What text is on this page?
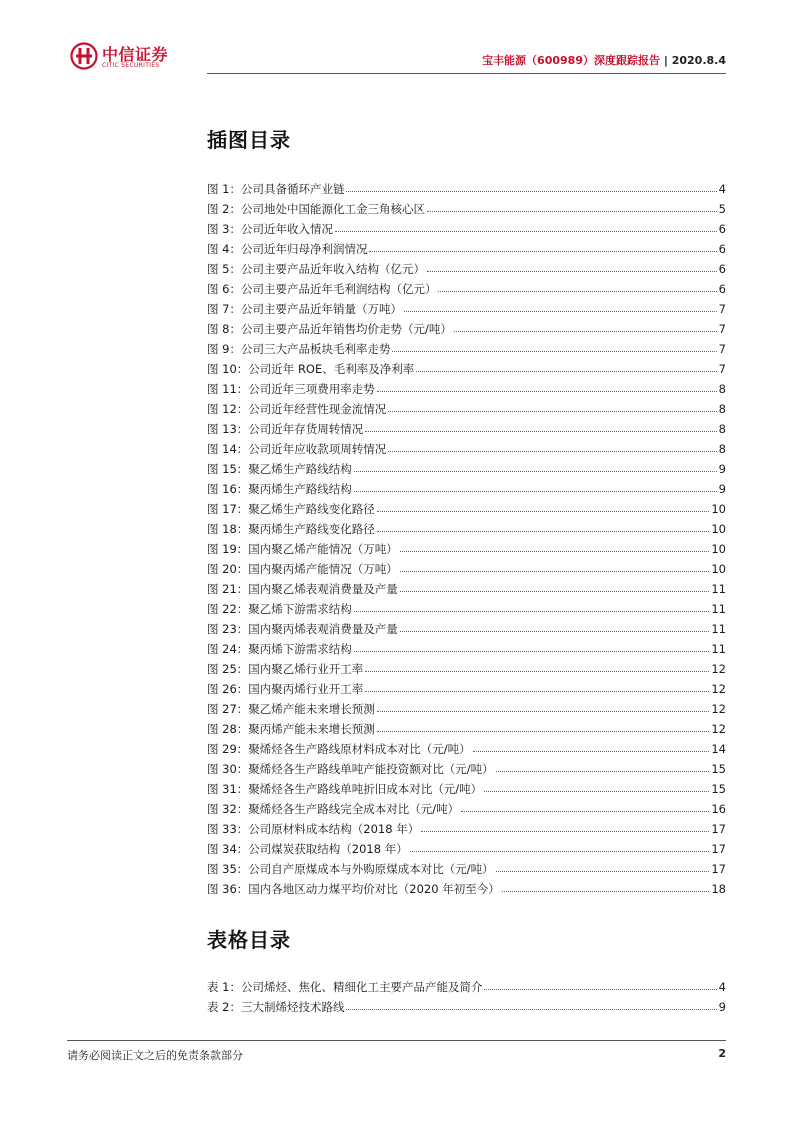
中信证券
CITIC SECURITIES	宝丰能源（600989）深度跟踪报告 | 2020.8.4
插图目录
图 1：公司具备循环产业链	4
图 2：公司地处中国能源化工金三角核心区	5
图 3：公司近年收入情况	6
图 4：公司近年归母净利润情况	6
图 5：公司主要产品近年收入结构（亿元）	6
图 6：公司主要产品近年毛利润结构（亿元）	6
图 7：公司主要产品近年销量（万吨）	7
图 8：公司主要产品近年销售均价走势（元/吨）	7
图 9：公司三大产品板块毛利率走势	7
图 10：公司近年 ROE、毛利率及净利率	7
图 11：公司近年三项费用率走势	8
图 12：公司近年经营性现金流情况	8
图 13：公司近年存货周转情况	8
图 14：公司近年应收款项周转情况	8
图 15：聚乙烯生产路线结构	9
图 16：聚丙烯生产路线结构	9
图 17：聚乙烯生产路线变化路径	10
图 18：聚丙烯生产路线变化路径	10
图 19：国内聚乙烯产能情况（万吨）	10
图 20：国内聚丙烯产能情况（万吨）	10
图 21：国内聚乙烯表观消费量及产量	11
图 22：聚乙烯下游需求结构	11
图 23：国内聚丙烯表观消费量及产量	11
图 24：聚丙烯下游需求结构	11
图 25：国内聚乙烯行业开工率	12
图 26：国内聚丙烯行业开工率	12
图 27：聚乙烯产能未来增长预测	12
图 28：聚丙烯产能未来增长预测	12
图 29：聚烯烃各生产路线原材料成本对比（元/吨）	14
图 30：聚烯烃各生产路线单吨产能投资额对比（元/吨）	15
图 31：聚烯烃各生产路线单吨折旧成本对比（元/吨）	15
图 32：聚烯烃各生产路线完全成本对比（元/吨）	16
图 33：公司原材料成本结构（2018 年）	17
图 34：公司煤炭获取结构（2018 年）	17
图 35：公司自产原煤成本与外购原煤成本对比（元/吨）	17
图 36：国内各地区动力煤平均价对比（2020 年初至今）	18
表格目录
表 1：公司烯烃、焦化、精细化工主要产品产能及简介	4
表 2：三大制烯烃技术路线	9
请务必阅读正文之后的免责条款部分	2
